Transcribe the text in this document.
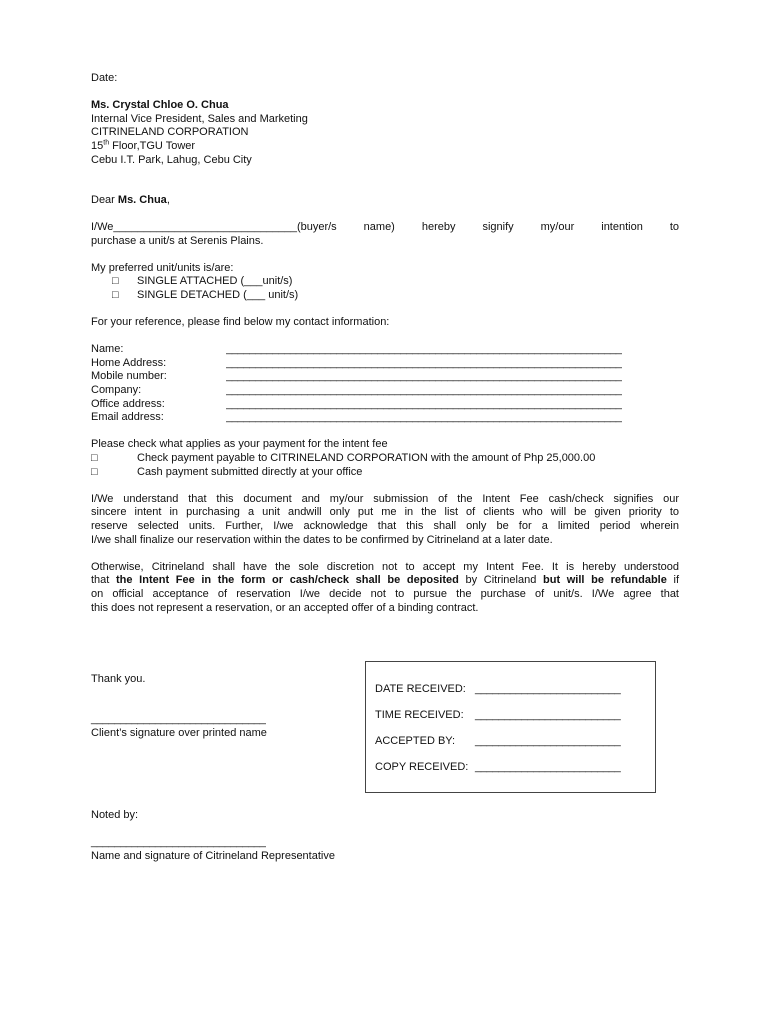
Date:
Ms. Crystal Chloe O. Chua
Internal Vice President, Sales and Marketing
CITRINELAND CORPORATION
15th Floor,TGU Tower
Cebu I.T. Park, Lahug, Cebu City
Dear Ms. Chua,
I/We______________________________(buyer/s name) hereby signify my/our intention to
purchase a unit/s at Serenis Plains.
My preferred unit/units is/are:
□	SINGLE ATTACHED (___unit/s)
□	SINGLE DETACHED (___ unit/s)
For your reference, please find below my contact information:
Name:	____________________________________________________________________
Home Address:	____________________________________________________________________
Mobile number:	____________________________________________________________________
Company:	____________________________________________________________________
Office address:	____________________________________________________________________
Email address:	____________________________________________________________________
Please check what applies as your payment for the intent fee
□	Check payment payable to CITRINELAND CORPORATION with the amount of Php 25,000.00
□	Cash payment submitted directly at your office
I/We understand that this document and my/our submission of the Intent Fee cash/check signifies our
sincere intent in purchasing a unit andwill only put me in the list of clients who will be given priority to
reserve selected units. Further, I/we acknowledge that this shall only be for a limited period wherein
I/we shall finalize our reservation within the dates to be confirmed by Citrineland at a later date.
Otherwise, Citrineland shall have the sole discretion not to accept my Intent Fee. It is hereby understood
that the Intent Fee in the form or cash/check shall be deposited by Citrineland but will be refundable if
on official acceptance of reservation I/we decide not to pursue the purchase of unit/s. I/We agree that
this does not represent a reservation, or an accepted offer of a binding contract.
Thank you.
______________________________
Client’s signature over printed name
Noted by:
______________________________
Name and signature of Citrineland Representative
DATE RECEIVED: _________________________
TIME RECEIVED:	_________________________
ACCEPTED BY:	_________________________
COPY RECEIVED: _________________________
